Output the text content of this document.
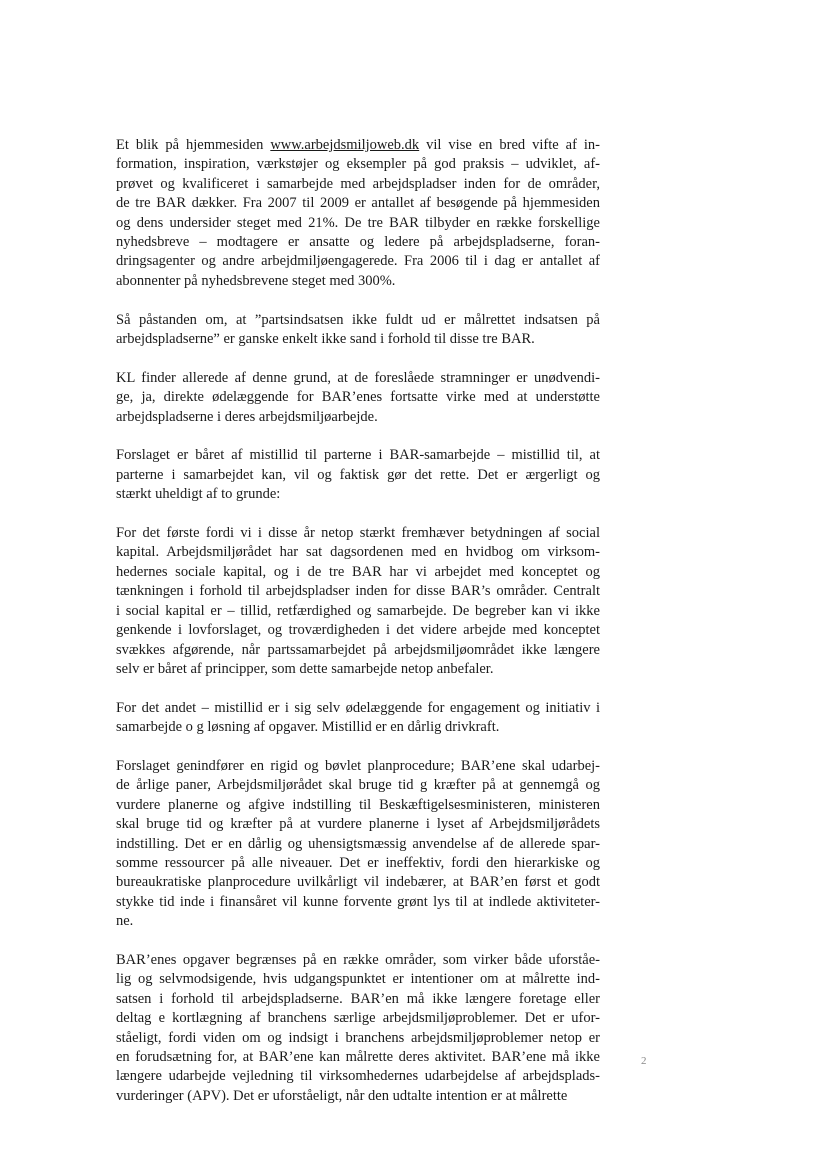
Et blik på hjemmesiden www.arbejdsmiljoweb.dk vil vise en bred vifte af in-
formation, inspiration, værkstøjer og eksempler på god praksis – udviklet, af-
prøvet og kvalificeret i samarbejde med arbejdspladser inden for de områder,
de tre BAR dækker. Fra 2007 til 2009 er antallet af besøgende på hjemmesiden
og dens undersider steget med 21%. De tre BAR tilbyder en række forskellige
nyhedsbreve – modtagere er ansatte og ledere på arbejdspladserne, foran-
dringsagenter og andre arbejdmiljøengagerede. Fra 2006 til i dag er antallet af
abonnenter på nyhedsbrevene steget med 300%.

Så påstanden om, at ”partsindsatsen ikke fuldt ud er målrettet indsatsen på
arbejdspladserne” er ganske enkelt ikke sand i forhold til disse tre BAR.

KL finder allerede af denne grund, at de foreslåede stramninger er unødvendi-
ge, ja, direkte ødelæggende for BAR’enes fortsatte virke med at understøtte
arbejdspladserne i deres arbejdsmiljøarbejde.

Forslaget er båret af mistillid til parterne i BAR-samarbejde – mistillid til, at
parterne i samarbejdet kan, vil og faktisk gør det rette. Det er ærgerligt og
stærkt uheldigt af to grunde:

For det første fordi vi i disse år netop stærkt fremhæver betydningen af social
kapital. Arbejdsmiljørådet har sat dagsordenen med en hvidbog om virksom-
hedernes sociale kapital, og i de tre BAR har vi arbejdet med konceptet og
tænkningen i forhold til arbejdspladser inden for disse BAR’s områder. Centralt
i social kapital er – tillid, retfærdighed og samarbejde. De begreber kan vi ikke
genkende i lovforslaget, og troværdigheden i det videre arbejde med konceptet
svækkes afgørende, når partssamarbejdet på arbejdsmiljøområdet ikke længere
selv er båret af principper, som dette samarbejde netop anbefaler.

For det andet – mistillid er i sig selv ødelæggende for engagement og initiativ i
samarbejde o g løsning af opgaver. Mistillid er en dårlig drivkraft.

Forslaget genindfører en rigid og bøvlet planprocedure; BAR’ene skal udarbej-
de årlige paner, Arbejdsmiljørådet skal bruge tid g kræfter på at gennemgå og
vurdere planerne og afgive indstilling til Beskæftigelsesministeren, ministeren
skal bruge tid og kræfter på at vurdere planerne i lyset af Arbejdsmiljørådets
indstilling. Det er en dårlig og uhensigtsmæssig anvendelse af de allerede spar-
somme ressourcer på alle niveauer. Det er ineffektiv, fordi den hierarkiske og
bureaukratiske planprocedure uvilkårligt vil indebærer, at BAR’en først et godt
stykke tid inde i finansåret vil kunne forvente grønt lys til at indlede aktiviteter-
ne.

BAR’enes opgaver begrænses på en række områder, som virker både uforståe-
lig og selvmodsigende, hvis udgangspunktet er intentioner om at målrette ind-
satsen i forhold til arbejdspladserne. BAR’en må ikke længere foretage eller
deltag e kortlægning af branchens særlige arbejdsmiljøproblemer. Det er ufor-
ståeligt, fordi viden om og indsigt i branchens arbejdsmiljøproblemer netop er
en forudsætning for, at BAR’ene kan målrette deres aktivitet. BAR’ene må ikke
længere udarbejde vejledning til virksomhedernes udarbejdelse af arbejdsplads-
vurderinger (APV). Det er uforståeligt, når den udtalte intention er at målrette

2
